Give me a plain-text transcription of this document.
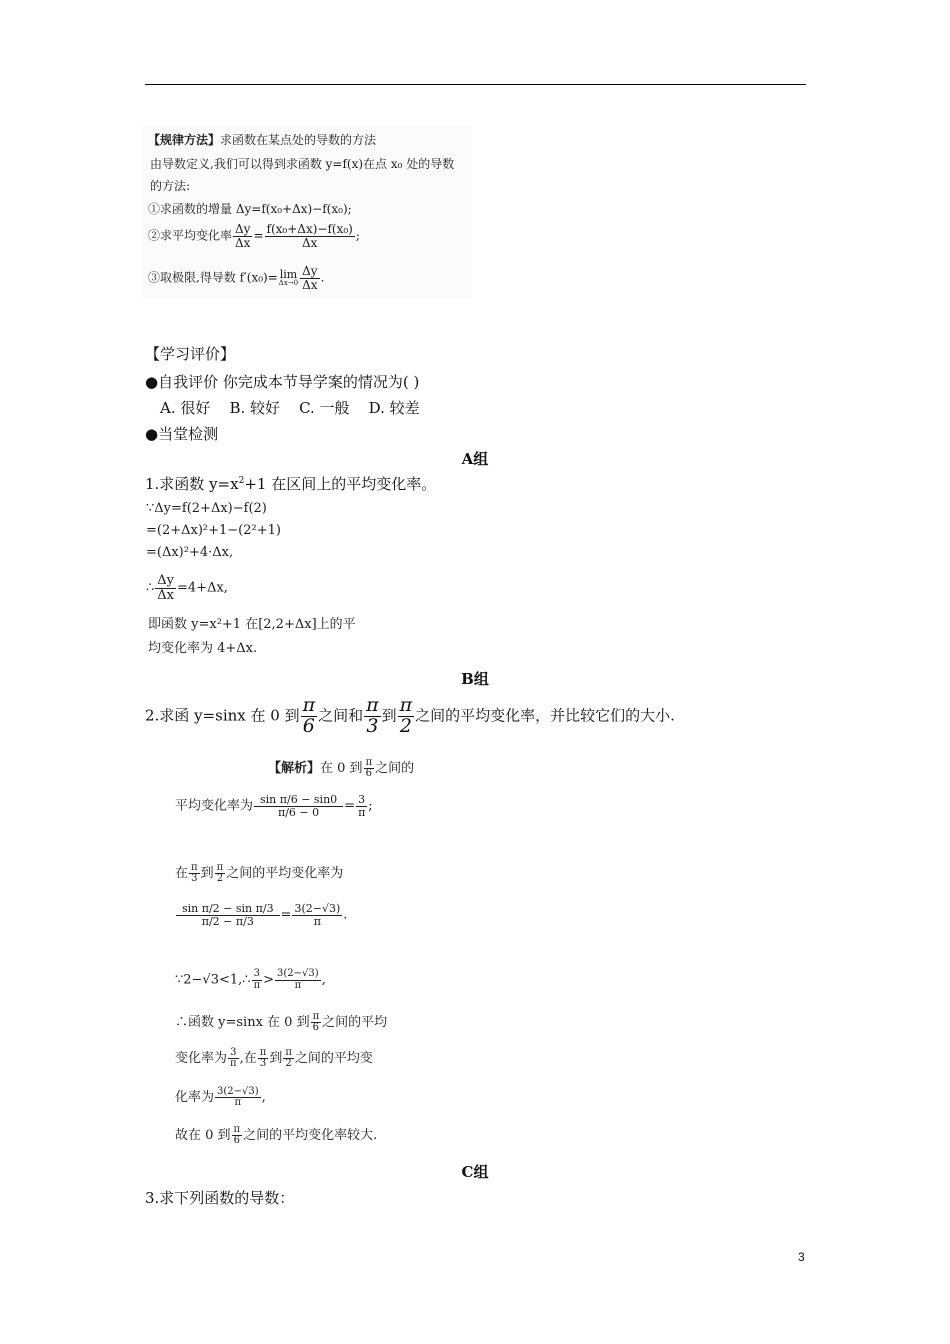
【规律方法】求函数在某点处的导数的方法
由导数定义,我们可以得到求函数 y=f(x)在点 x₀ 处的导数
的方法:
①求函数的增量 Δy=f(x₀+Δx)−f(x₀);
②求平均变化率 $\frac{\Delta y}{\Delta x} = \frac{\text{f(x₀+Δx)−f(x₀)}}{\Delta x}$ ;
③取极限,得导数 f′(x₀)= lim
$\Delta x\to 0 \frac{\Delta y}{\Delta x}$ .
【学习评价】
●自我评价 你完成本节导学案的情况为( )
A. 很好    B. 较好    C. 一般    D. 较差
●当堂检测
A组
1.求函数 $y=x^2+1$ 在区间上的平均变化率。
∵Δy=f(2+Δx)−f(2)
=(2+Δx)²+1−(2²+1)
=(Δx)²+4·Δx,
∴ $\frac{\Delta y}{\Delta x} =4+\Delta x$,
即函数 y=x²+1 在[2,2+Δx]上的平
均变化率为 4+Δx.
B组
2.求函 y=sinx 在 0 到 $\frac{\pi}{6}$ 之间和 $\frac{\pi}{3}$ 到 $\frac{\pi}{2}$ 之间的平均变化率，并比较它们的大小.
【解析】在 0 到 $\frac{\pi}{6}$ 之间的
平均变化率为 $\frac{\text{sin π/6 − sin0}}{\pi/6 - 0} = \frac{3}{\pi}$ ;
在 $\frac{\pi}{3}$ 到 $\frac{\pi}{2}$ 之间的平均变化率为
$\frac{\text{sin π/2 − sin π/3}}{\pi/2 - \pi/3} = \frac{3(2-√3)}{\pi}$ .
∵2−√3<1,∴ $\frac{3}{\pi} > \frac{3(2-√3)}{\pi}$ ,
∴函数 y=sinx 在 0 到 $\frac{\pi}{6}$ 之间的平均
变化率为 $\frac{3}{\pi}$ ,在 $\frac{\pi}{3}$ 到 $\frac{\pi}{2}$ 之间的平均变
化率为 $\frac{3(2-√3)}{\pi}$ ,
故在 0 到 $\frac{\pi}{6}$ 之间的平均变化率较大.
C组
3.求下列函数的导数：
3
